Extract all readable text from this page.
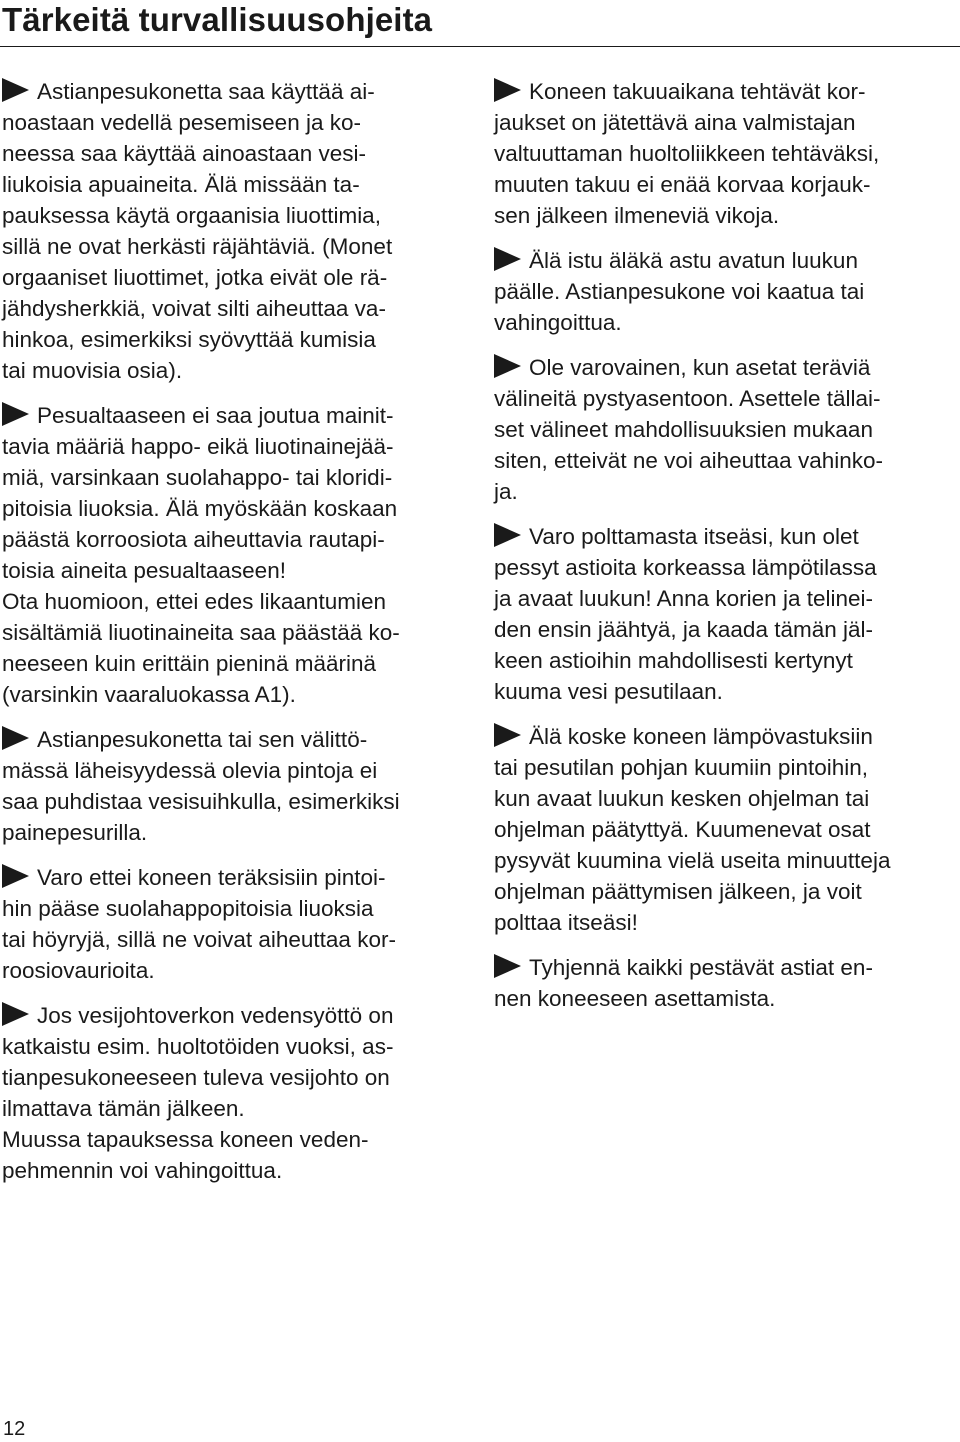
Tärkeitä turvallisuusohjeita
Astianpesukonetta saa käyttää ai-
noastaan vedellä pesemiseen ja ko-
neessa saa käyttää ainoastaan vesi-
liukoisia apuaineita. Älä missään ta-
pauksessa käytä orgaanisia liuottimia,
sillä ne ovat herkästi räjähtäviä. (Monet
orgaaniset liuottimet, jotka eivät ole rä-
jähdysherkkiä, voivat silti aiheuttaa va-
hinkoa, esimerkiksi syövyttää kumisia
tai muovisia osia).
Pesualtaaseen ei saa joutua mainit-
tavia määriä happo- eikä liuotinainejää-
miä, varsinkaan suolahappo- tai kloridi-
pitoisia liuoksia. Älä myöskään koskaan
päästä korroosiota aiheuttavia rautapi-
toisia aineita pesualtaaseen!
Ota huomioon, ettei edes likaantumien
sisältämiä liuotinaineita saa päästää ko-
neeseen kuin erittäin pieninä määrinä
(varsinkin vaaraluokassa A1).
Astianpesukonetta tai sen välittö-
mässä läheisyydessä olevia pintoja ei
saa puhdistaa vesisuihkulla, esimerkiksi
painepesurilla.
Varo ettei koneen teräksisiin pintoi-
hin pääse suolahappopitoisia liuoksia
tai höyryjä, sillä ne voivat aiheuttaa kor-
roosiovaurioita.
Jos vesijohtoverkon vedensyöttö on
katkaistu esim. huoltotöiden vuoksi, as-
tianpesukoneeseen tuleva vesijohto on
ilmattava tämän jälkeen.
Muussa tapauksessa koneen veden-
pehmennin voi vahingoittua.
Koneen takuuaikana tehtävät kor-
jaukset on jätettävä aina valmistajan
valtuuttaman huoltoliikkeen tehtäväksi,
muuten takuu ei enää korvaa korjauk-
sen jälkeen ilmeneviä vikoja.
Älä istu äläkä astu avatun luukun
päälle. Astianpesukone voi kaatua tai
vahingoittua.
Ole varovainen, kun asetat teräviä
välineitä pystyasentoon. Asettele tällai-
set välineet mahdollisuuksien mukaan
siten, etteivät ne voi aiheuttaa vahinko-
ja.
Varo polttamasta itseäsi, kun olet
pessyt astioita korkeassa lämpötilassa
ja avaat luukun! Anna korien ja telinei-
den ensin jäähtyä, ja kaada tämän jäl-
keen astioihin mahdollisesti kertynyt
kuuma vesi pesutilaan.
Älä koske koneen lämpövastuksiin
tai pesutilan pohjan kuumiin pintoihin,
kun avaat luukun kesken ohjelman tai
ohjelman päätyttyä. Kuumenevat osat
pysyvät kuumina vielä useita minuutteja
ohjelman päättymisen jälkeen, ja voit
polttaa itseäsi!
Tyhjennä kaikki pestävät astiat en-
nen koneeseen asettamista.
12
